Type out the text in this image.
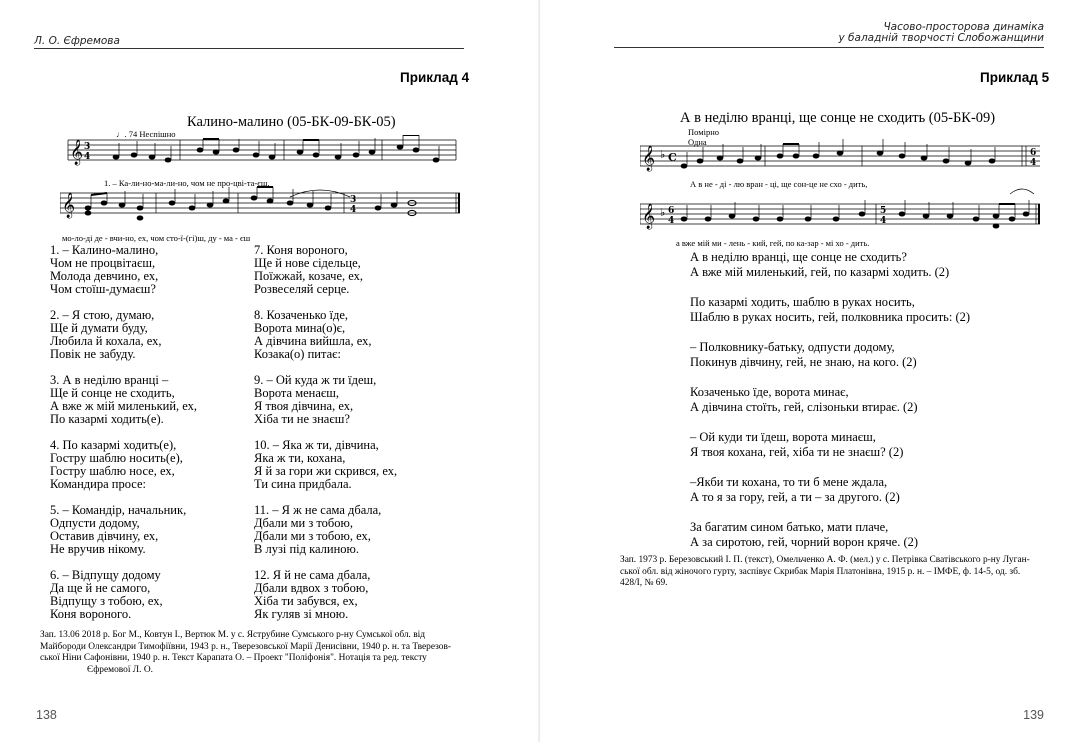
Л. О. Єфремова
Приклад 4
Калино-малино (05-БК-09-БК-05)
♩. 74 Неспішно
𝄞 3
4
𝄞	3
4
1. – Ка-ли-но-ма-ли-но, чом не про-цві-та-єш,
мо-ло-ді де - вчи-но, ех, чом сто-ї-(гі)ш, ду - ма - єш
1. – Калино-малино,
Чом не процвітаєш,
Молода девчино, ех,
Чом стоїш-думаєш?
2. – Я стою, думаю,
Ще й думати буду,
Любила й кохала, ех,
Повік не забуду.
3. А в неділю вранці –
Ще й сонце не сходить,
А вже ж мій миленький, ех,
По казармі ходить(е).
4. По казармі ходить(е),
Гостру шаблю носить(е),
Гостру шаблю носе, ех,
Командира просе:
5. – Командір, начальник,
Одпусти додому,
Оставив дівчину, ех,
Не вручив нікому.
6. – Відпущу додому
Да ще й не самого,
Відпущу з тобою, ех,
Коня вороного.
7. Коня вороного,
Ще й нове сідельце,
Поїжжай, козаче, ех,
Розвеселяй серце.
8. Козаченько їде,
Ворота мина(о)є,
А дівчина вийшла, ех,
Козака(о) питає:
9. – Ой куда ж ти їдеш,
Ворота менаєш,
Я твоя дівчина, ех,
Хіба ти не знаєш?
10. – Яка ж ти, дівчина,
Яка ж ти, кохана,
Я й за гори жи скрився, ех,
Ти сина придбала.
11. – Я ж не сама дбала,
Дбали ми з тобою,
Дбали ми з тобою, ех,
В лузі під калиною.
12. Я й не сама дбала,
Дбали вдвох з тобою,
Хіба ти забувся, ех,
Як гуляв зі мною.
Зап. 13.06 2018 р. Бог М., Ковтун І., Вертюк М. у с. Яструбине Сумського р-ну Сумської обл. від
Майбороди Олександри Тимофіївни, 1943 р. н., Тверезовської Марії Денисівни, 1940 р. н. та Тверезов-
ської Ніни Сафонівни, 1940 р. н. Текст Карапата О. – Проект "Поліфонія". Нотація та ред. тексту
Єфремової Л. О.
138
Часово-просторова динаміка
у баладній творчості Слобожанщини
Приклад 5
А в неділю вранці, ще сонце не сходить (05-БК-09)
Помірно
Одна
𝄞 ♭ C	6
4
𝄞 ♭ 6
4
5
4
А в не - ді - лю вран - ці, ще сон-це не схо - дить,
а вже мій ми - лень - кий, гей, по ка-зар - мі хо - дить.
А в неділю вранці, ще сонце не сходить?
А вже мій миленький, гей, по казармі ходить. (2)
По казармі ходить, шаблю в руках носить,
Шаблю в руках носить, гей, полковника просить: (2)
– Полковнику-батьку, одпусти додому,
Покинув дівчину, гей, не знаю, на кого. (2)
Козаченько їде, ворота минає,
А дівчина стоїть, гей, слізоньки втирає. (2)
– Ой куди ти їдеш, ворота минаєш,
Я твоя кохана, гей, хіба ти не знаєш? (2)
–Якби ти кохана, то ти б мене ждала,
А то я за гору, гей, а ти – за другого. (2)
За багатим сином батько, мати плаче,
А за сиротою, гей, чорний ворон кряче. (2)
Зап. 1973 р. Березовський І. П. (текст), Омельченко А. Ф. (мел.) у с. Петрівка Сватівського р-ну Луган-
ської обл. від жіночого гурту, заспівує Скрибак Марія Платонівна, 1915 р. н. – ІМФЕ, ф. 14-5, од. зб.
428/І, № 69.
139
